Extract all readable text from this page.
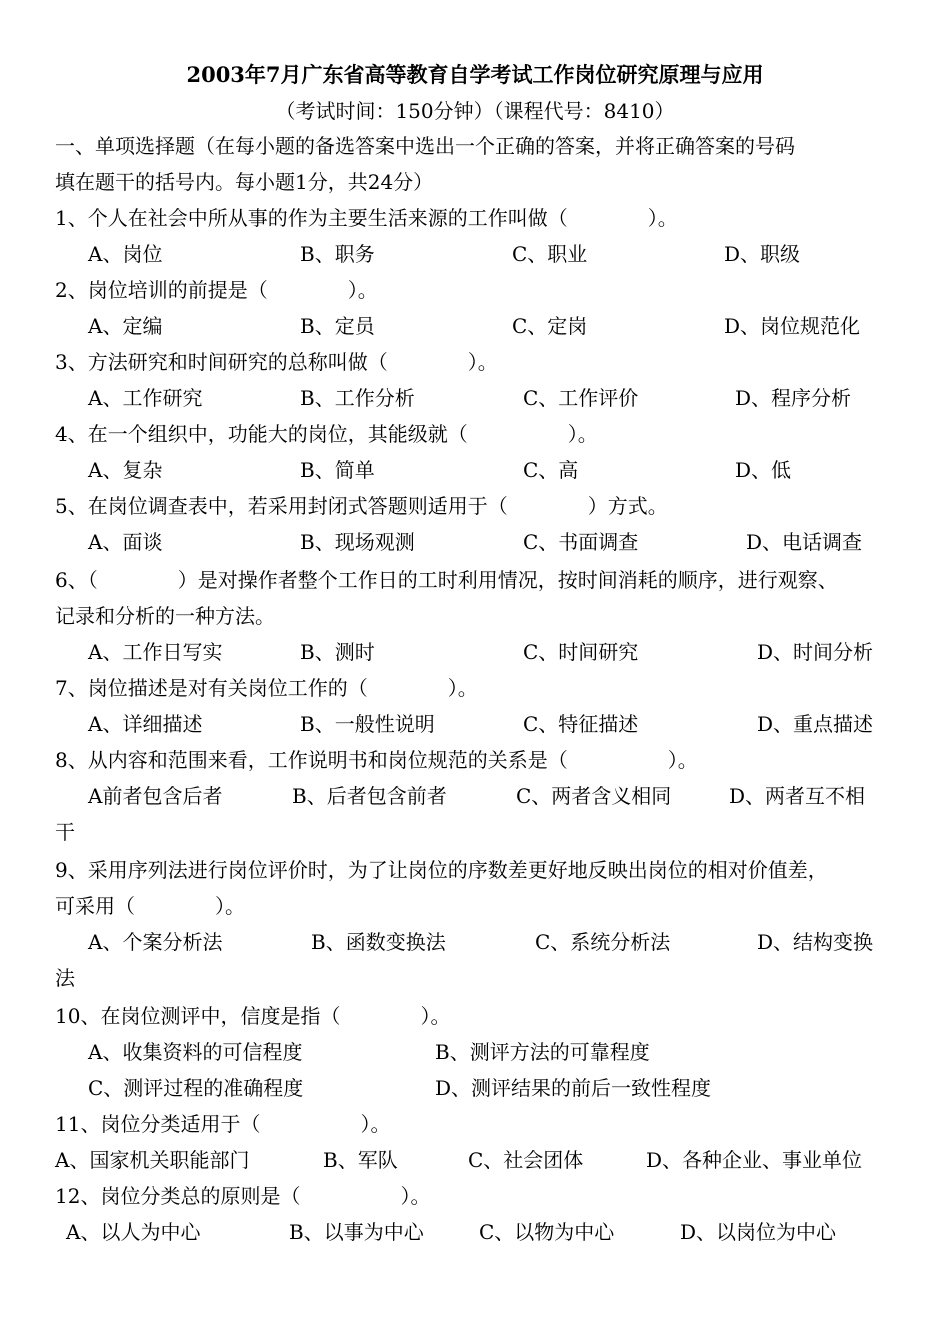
2003年7月广东省高等教育自学考试工作岗位研究原理与应用
（考试时间：150分钟）（课程代号：8410）
一、单项选择题（在每小题的备选答案中选出一个正确的答案，并将正确答案的号码
填在题干的括号内。每小题1分，共24分）
1、个人在社会中所从事的作为主要生活来源的工作叫做（　　　　）。
A、岗位	B、职务	C、职业	D、职级
2、岗位培训的前提是（　　　　）。
A、定编	B、定员	C、定岗	D、岗位规范化
3、方法研究和时间研究的总称叫做（　　　　）。
A、工作研究	B、工作分析	C、工作评价	D、程序分析
4、在一个组织中，功能大的岗位，其能级就（　　　　　）。
A、复杂	B、简单	C、高	D、低
5、在岗位调查表中，若采用封闭式答题则适用于（　　　　）方式。
A、面谈	B、现场观测	C、书面调查	D、电话调查
6、（　　　　）是对操作者整个工作日的工时利用情况，按时间消耗的顺序，进行观察、
记录和分析的一种方法。
A、工作日写实	B、测时	C、时间研究	D、时间分析
7、岗位描述是对有关岗位工作的（　　　　）。
A、详细描述	B、一般性说明	C、特征描述	D、重点描述
8、从内容和范围来看，工作说明书和岗位规范的关系是（　　　　　）。
A前者包含后者	B、后者包含前者	C、两者含义相同	D、两者互不相
干
9、采用序列法进行岗位评价时，为了让岗位的序数差更好地反映出岗位的相对价值差，
可采用（　　　　）。
A、个案分析法	B、函数变换法	C、系统分析法	D、结构变换
法
10、在岗位测评中，信度是指（　　　　）。
A、收集资料的可信程度	B、测评方法的可靠程度
C、测评过程的准确程度	D、测评结果的前后一致性程度
11、岗位分类适用于（　　　　　）。
A、国家机关职能部门	B、军队	C、社会团体	D、各种企业、事业单位
12、岗位分类总的原则是（　　　　　）。
A、以人为中心	B、以事为中心	C、以物为中心	D、以岗位为中心
